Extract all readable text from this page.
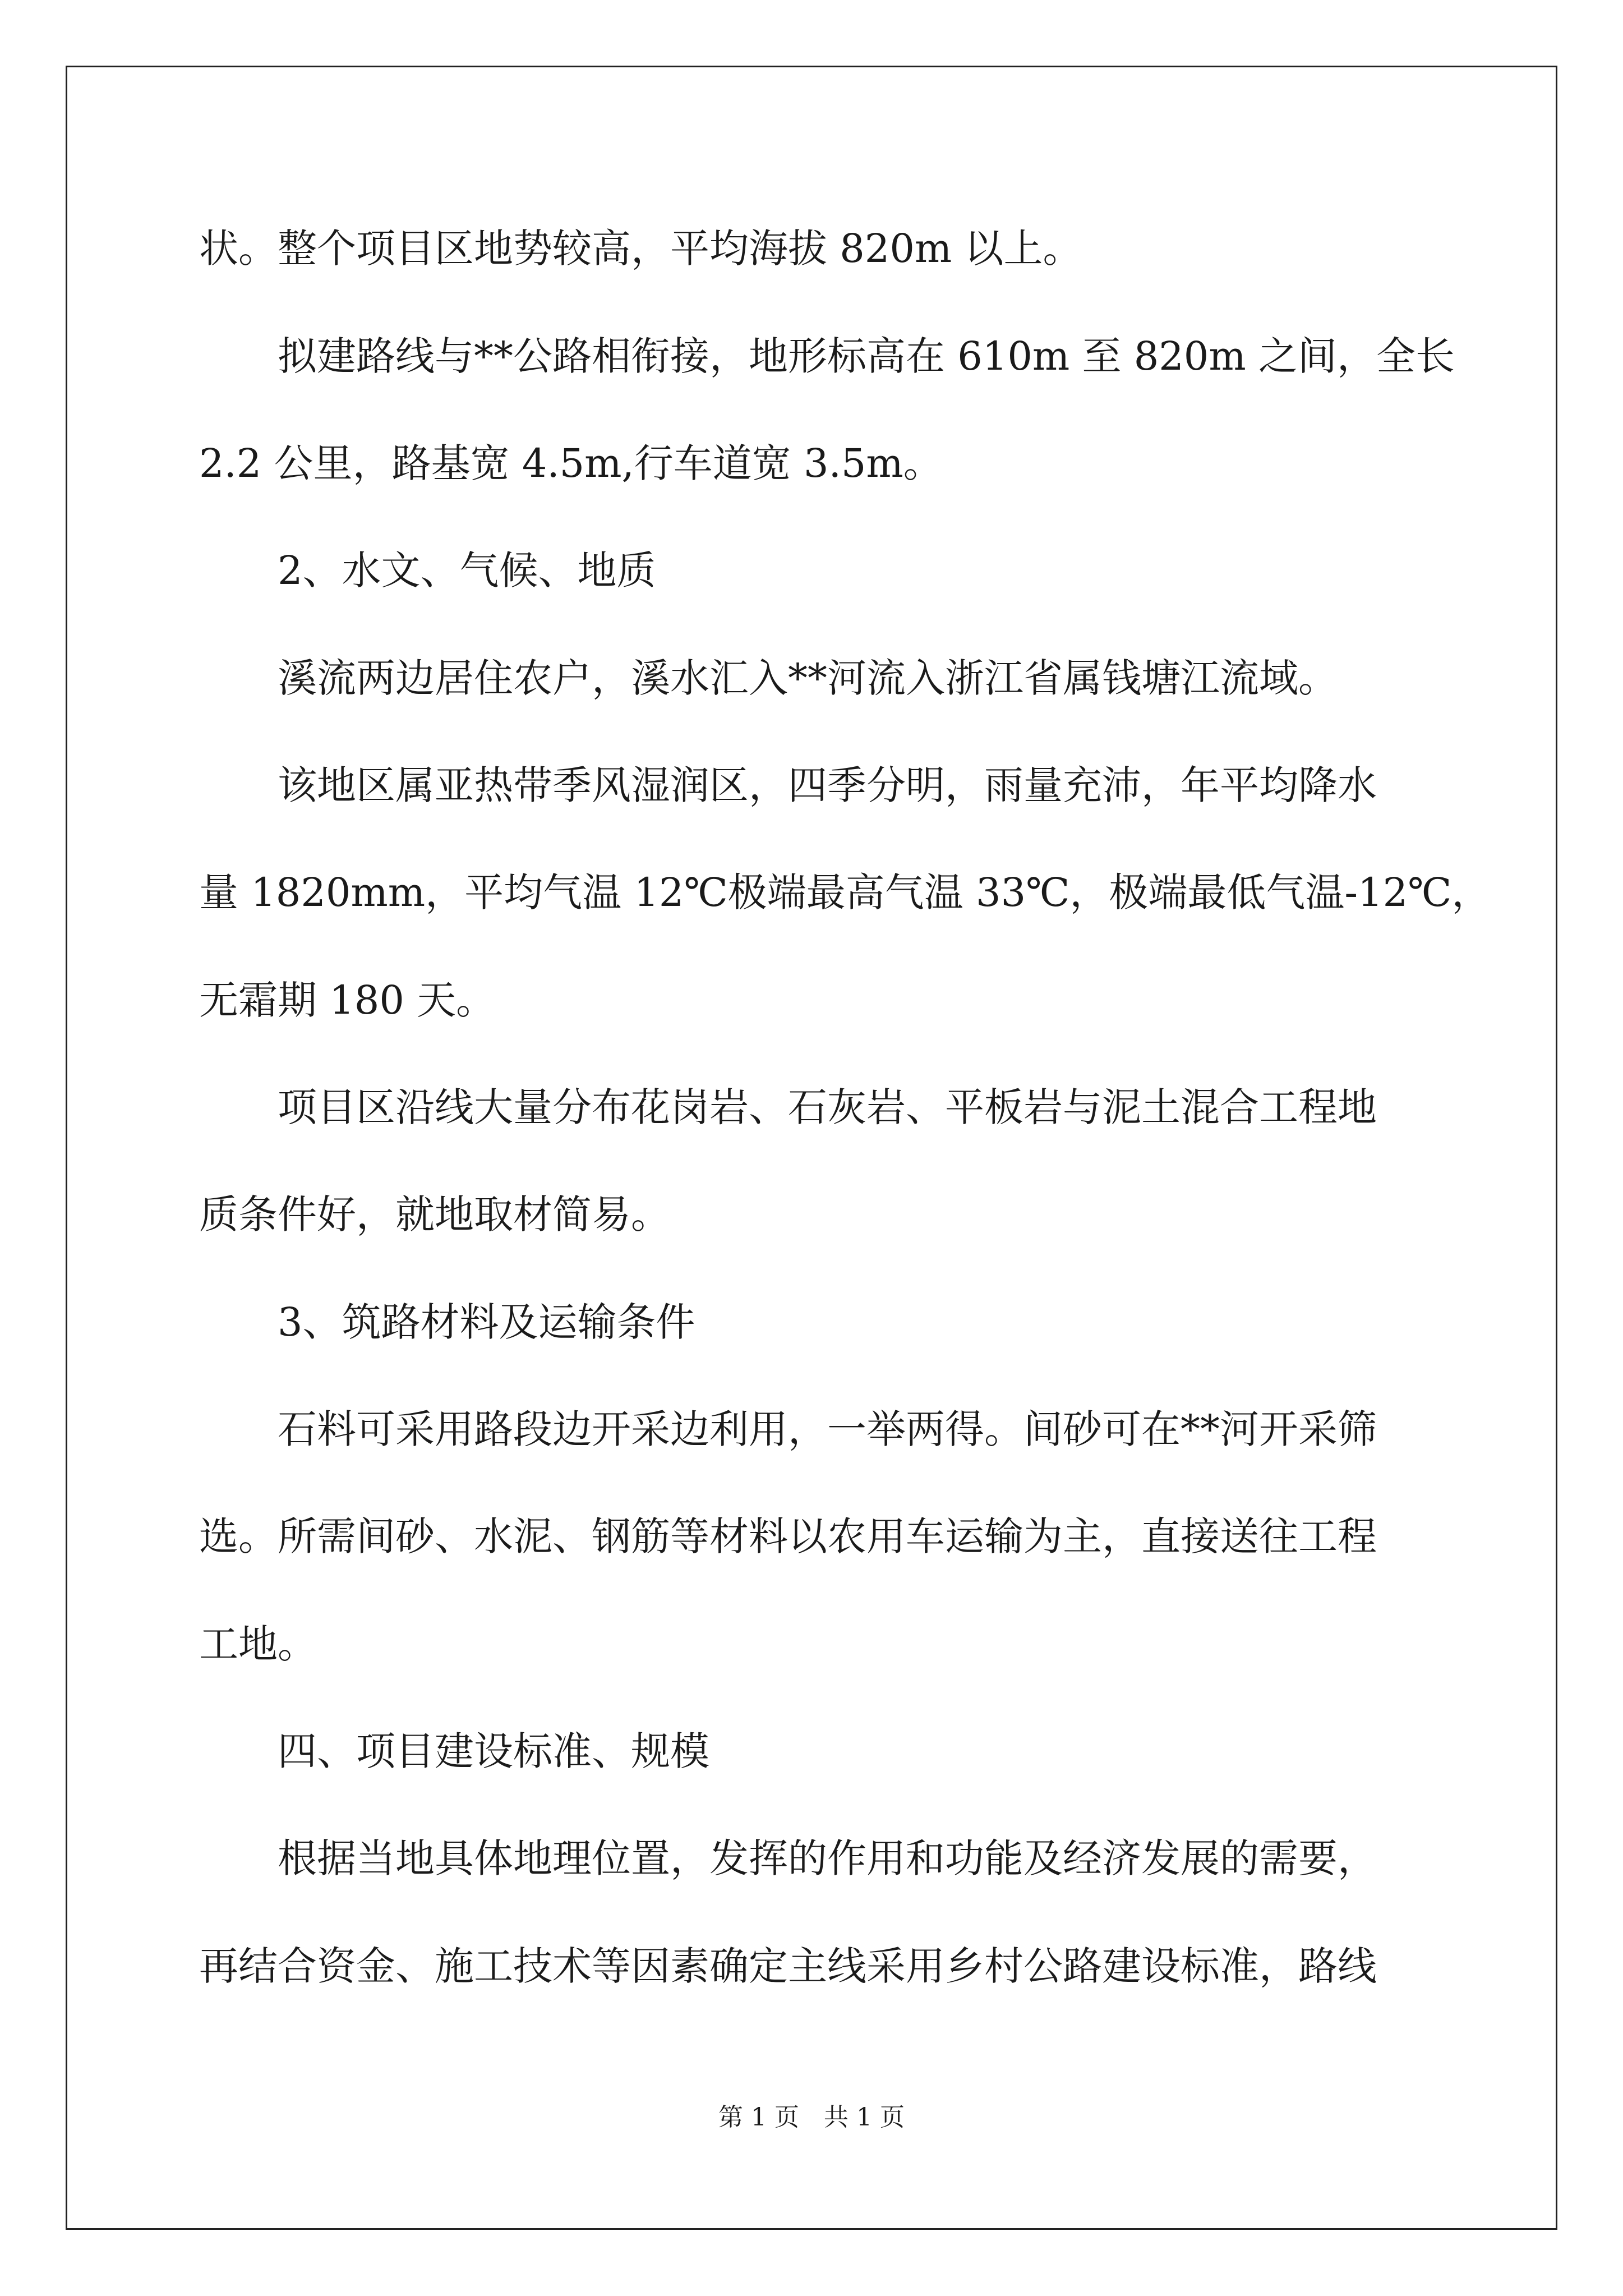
状。整个项目区地势较高，平均海拔 820m 以上。
拟建路线与**公路相衔接，地形标高在 610m 至 820m 之间，全长
2.2 公里，路基宽 4.5m,行车道宽 3.5m。
2、水文、气候、地质
溪流两边居住农户，溪水汇入**河流入浙江省属钱塘江流域。
该地区属亚热带季风湿润区，四季分明，雨量充沛，年平均降水
量 1820mm，平均气温 12℃极端最高气温 33℃，极端最低气温-12℃，
无霜期 180 天。
项目区沿线大量分布花岗岩、石灰岩、平板岩与泥土混合工程地
质条件好，就地取材简易。
3、筑路材料及运输条件
石料可采用路段边开采边利用，一举两得。间砂可在**河开采筛
选。所需间砂、水泥、钢筋等材料以农用车运输为主，直接送往工程
工地。
四、项目建设标准、规模
根据当地具体地理位置，发挥的作用和功能及经济发展的需要，
再结合资金、施工技术等因素确定主线采用乡村公路建设标准，路线
第 1 页　共 1 页
